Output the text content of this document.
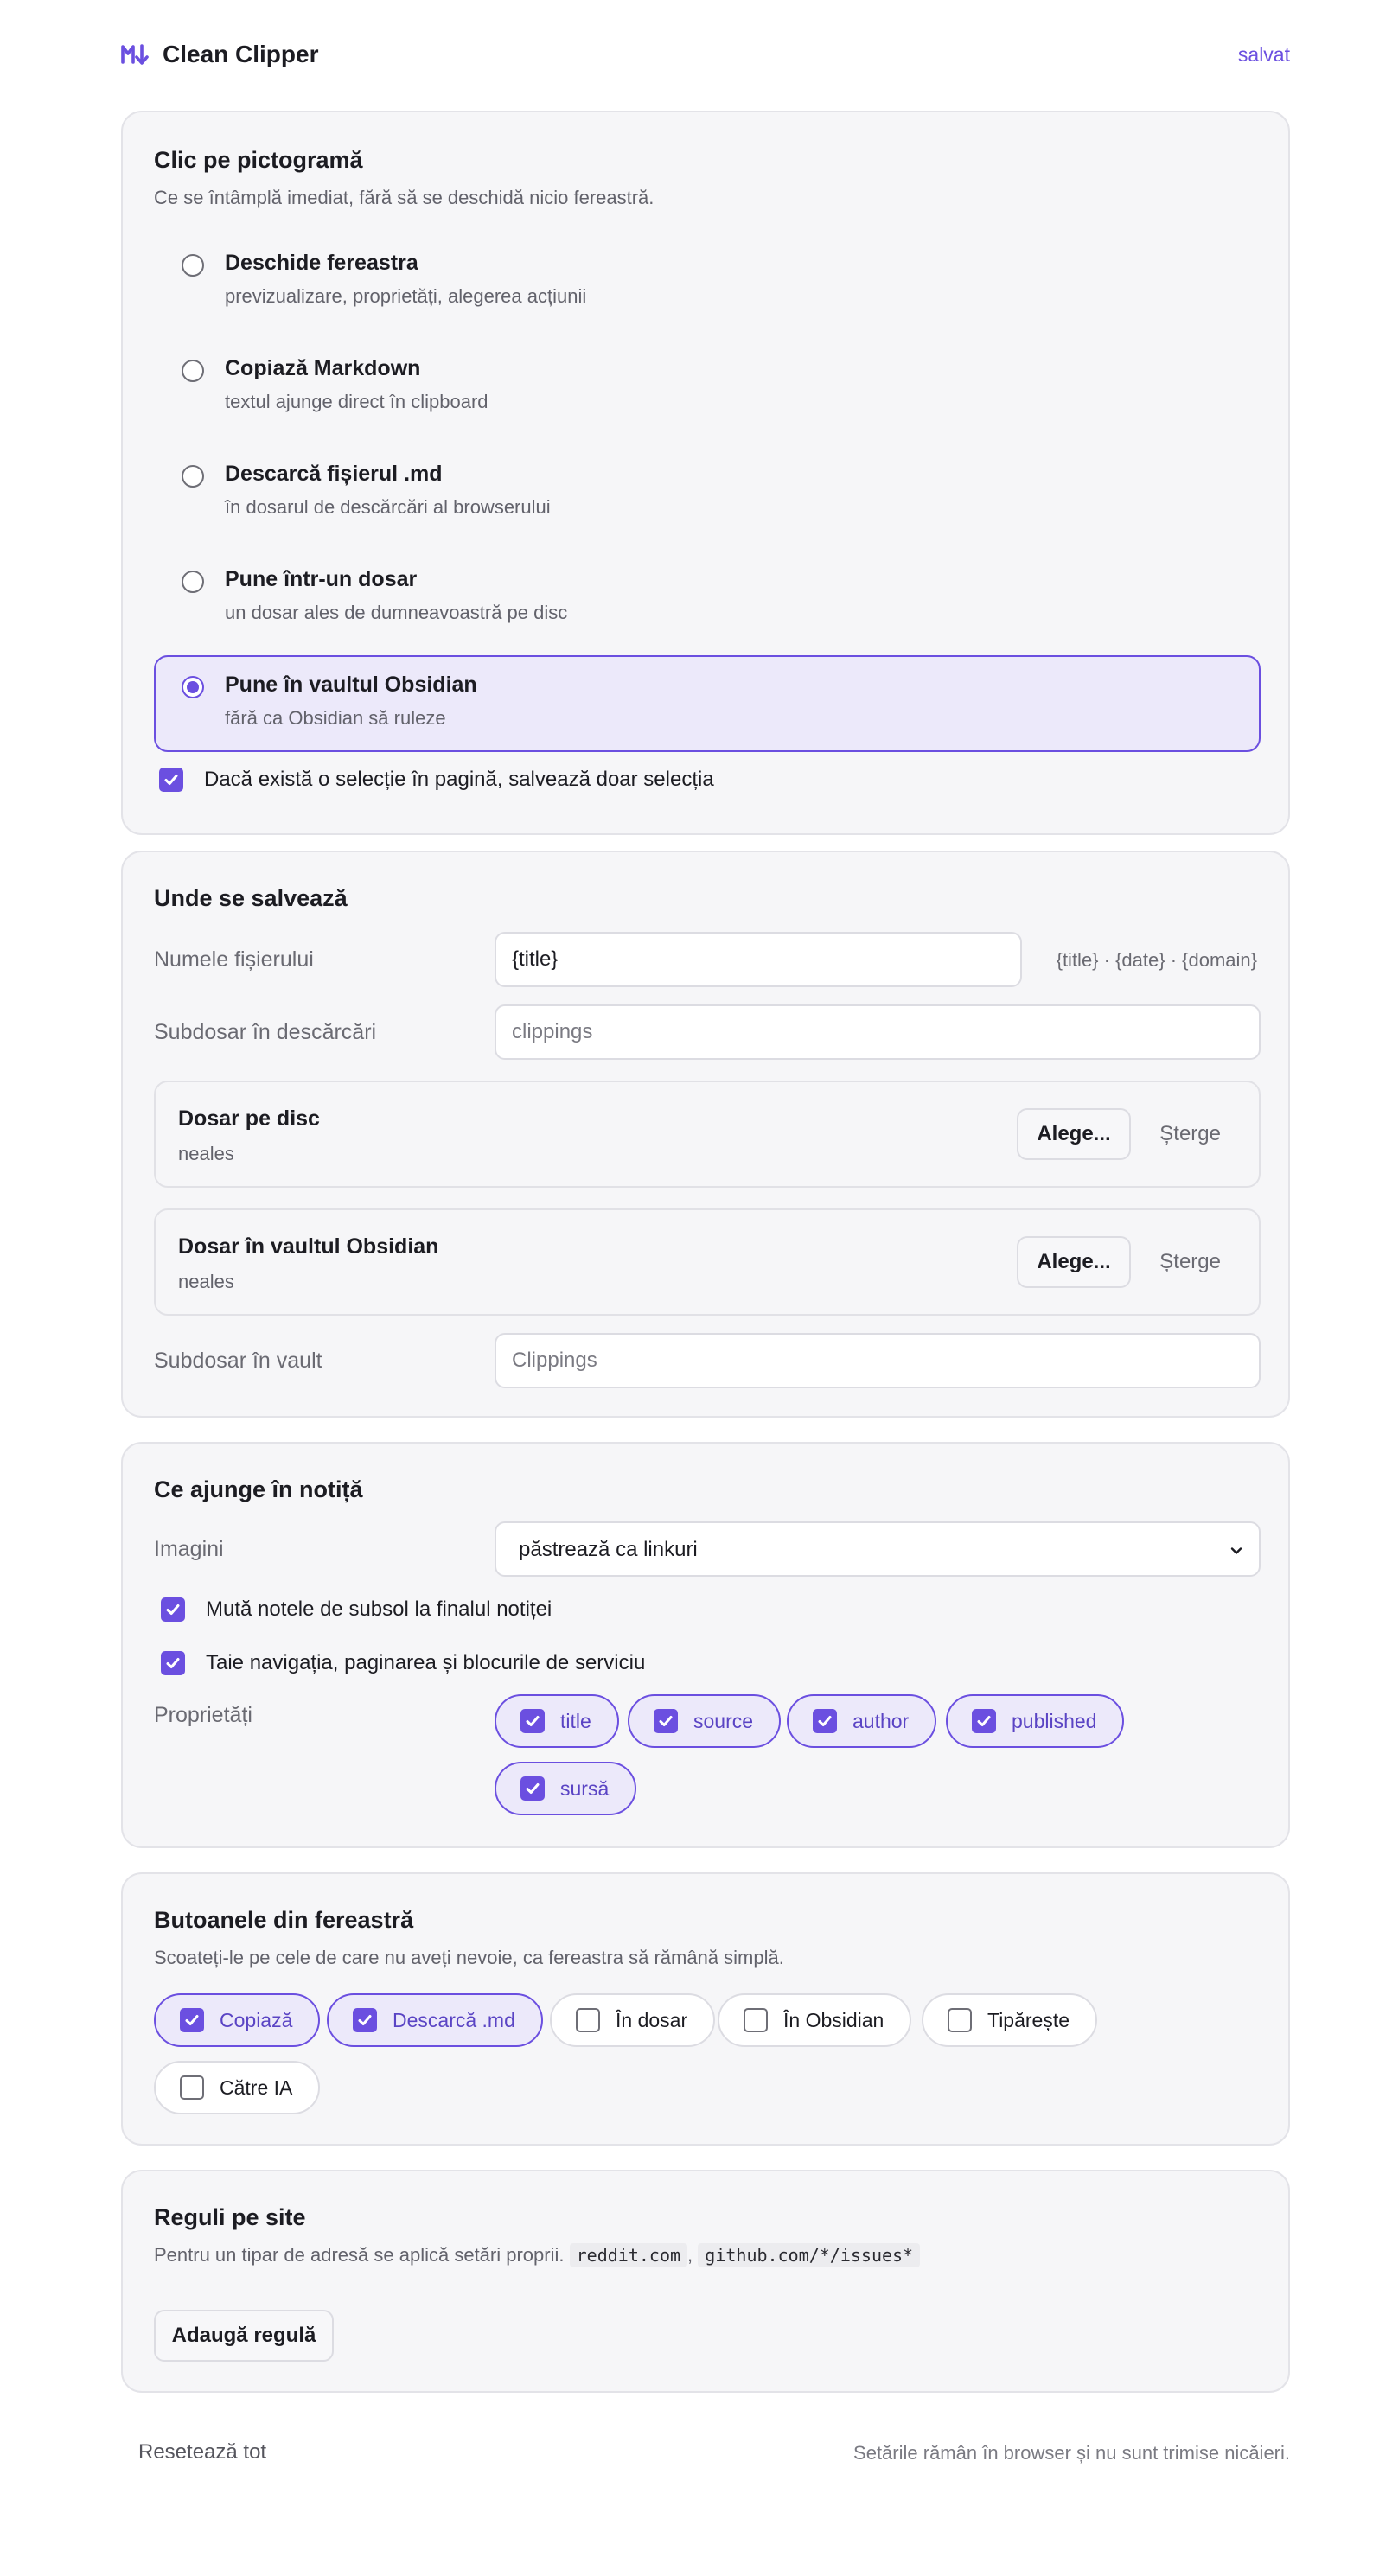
Clean Clipper	salvat
Clic pe pictogramă
Ce se întâmplă imediat, fără să se deschidă nicio fereastră.
Deschide fereastra
previzualizare, proprietăți, alegerea acțiunii
Copiază Markdown
textul ajunge direct în clipboard
Descarcă fișierul .md
în dosarul de descărcări al browserului
Pune într-un dosar
un dosar ales de dumneavoastră pe disc
Pune în vaultul Obsidian
fără ca Obsidian să ruleze
Dacă există o selecție în pagină, salvează doar selecția
Unde se salvează
Numele fișierului
{title}	{title} · {date} · {domain}
Subdosar în descărcări
clippings
Dosar pe disc
neales
Alege...	Șterge
Dosar în vaultul Obsidian
neales
Alege...	Șterge
Subdosar în vault
Clippings
Ce ajunge în notiță
Imagini	păstrează ca linkuri
Mută notele de subsol la finalul notiței
Taie navigația, paginarea și blocurile de serviciu
Proprietăți	title	source	author	published
sursă
Butoanele din fereastră
Scoateți-le pe cele de care nu aveți nevoie, ca fereastra să rămână simplă.
Copiază	Descarcă .md	În dosar	În Obsidian	Tipărește
Către IA
Reguli pe site
Pentru un tipar de adresă se aplică setări proprii. reddit.com , github.com/*/issues*
Adaugă regulă
Resetează tot	Setările rămân în browser și nu sunt trimise nicăieri.
